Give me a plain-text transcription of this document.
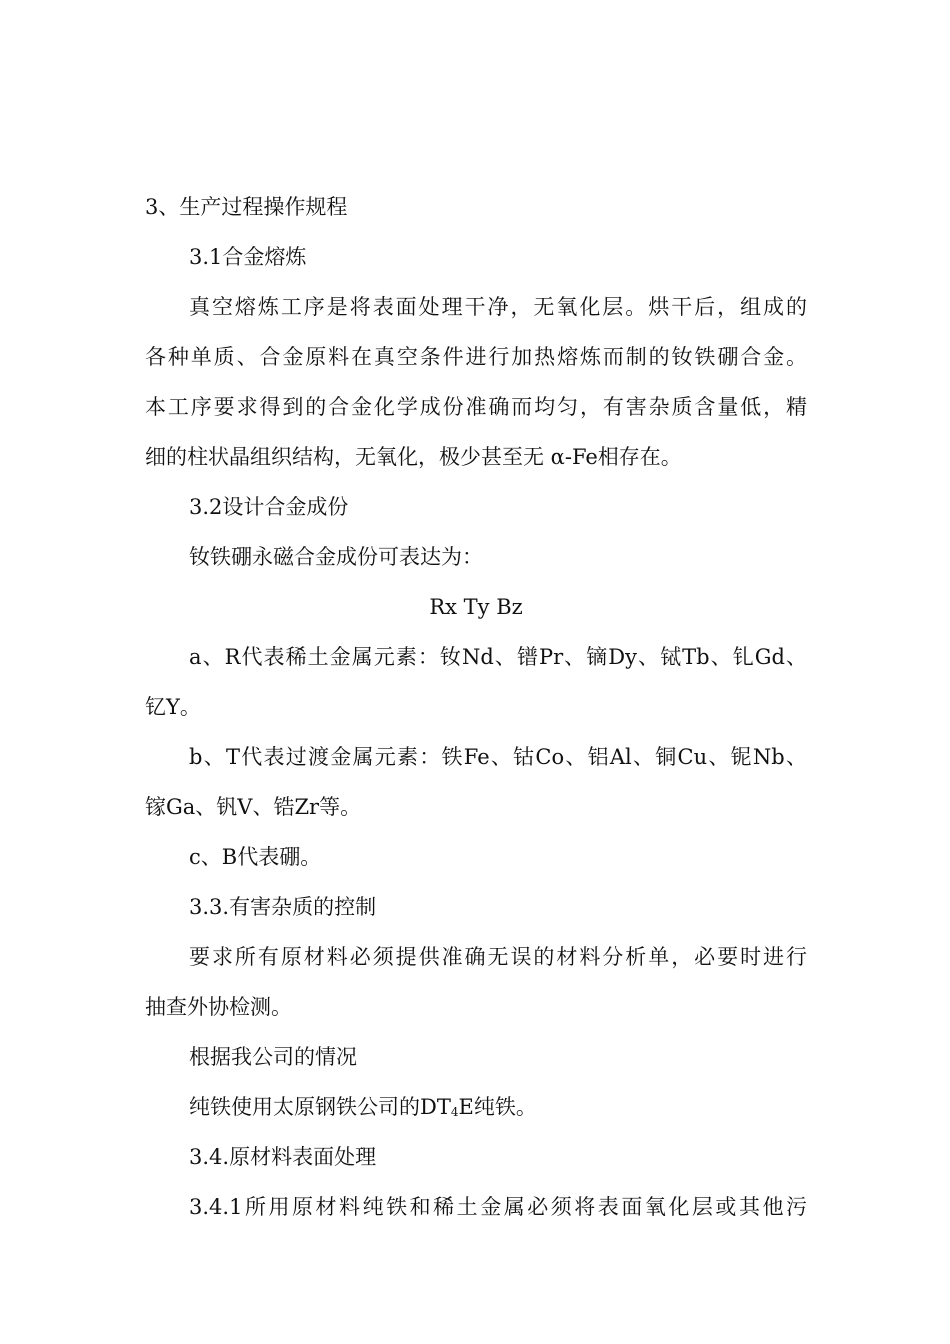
3、生产过程操作规程
3.1合金熔炼
真空熔炼工序是将表面处理干净，无氧化层。烘干后，组成的
各种单质、合金原料在真空条件进行加热熔炼而制的钕铁硼合金。
本工序要求得到的合金化学成份准确而均匀，有害杂质含量低，精
细的柱状晶组织结构，无氧化，极少甚至无 α-Fe相存在。
3.2设计合金成份
钕铁硼永磁合金成份可表达为：
Rx Ty Bz
a、R代表稀土金属元素：钕Nd、镨Pr、镝Dy、铽Tb、钆Gd、
钇Y。
b、T代表过渡金属元素：铁Fe、钴Co、铝Al、铜Cu、铌Nb、
镓Ga、钒V、锆Zr等。
c、B代表硼。
3.3.有害杂质的控制
要求所有原材料必须提供准确无误的材料分析单，必要时进行
抽查外协检测。
根据我公司的情况
纯铁使用太原钢铁公司的$DT_4E$纯铁。
3.4.原材料表面处理
3.4.1所用原材料纯铁和稀土金属必须将表面氧化层或其他污
